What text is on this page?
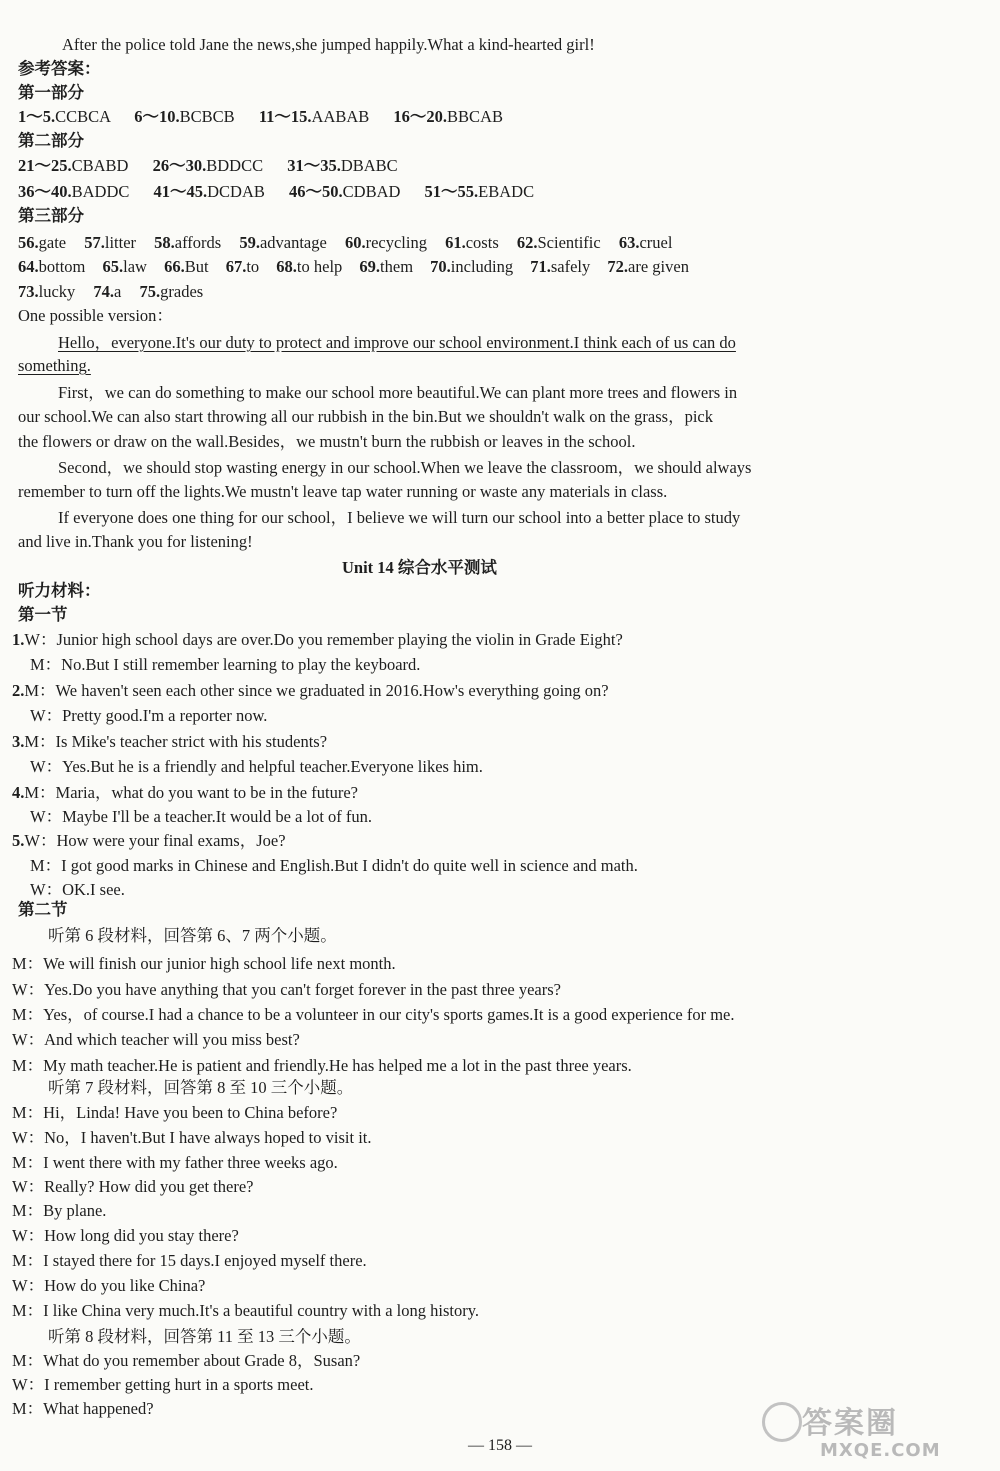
After the police told Jane the news,she jumped happily.What a kind-hearted girl!
参考答案：
第一部分
1～5.CCBCA 6～10.BCBCB 11～15.AABAB 16～20.BBCAB
第二部分
21～25.CBABD 26～30.BDDCC 31～35.DBABC
36～40.BADDC 41～45.DCDAB 46～50.CDBAD 51～55.EBADC
第三部分
56.gate 57.litter 58.affords 59.advantage 60.recycling 61.costs 62.Scientific 63.cruel
64.bottom 65.law 66.But 67.to 68.to help 69.them 70.including 71.safely 72.are given
73.lucky 74.a 75.grades
One possible version：
Hello，everyone.It's our duty to protect and improve our school environment.I think each of us can do
something.
First，we can do something to make our school more beautiful.We can plant more trees and flowers in
our school.We can also start throwing all our rubbish in the bin.But we shouldn't walk on the grass，pick
the flowers or draw on the wall.Besides，we mustn't burn the rubbish or leaves in the school.
Second，we should stop wasting energy in our school.When we leave the classroom，we should always
remember to turn off the lights.We mustn't leave tap water running or waste any materials in class.
If everyone does one thing for our school，I believe we will turn our school into a better place to study
and live in.Thank you for listening!
Unit 14 综合水平测试
听力材料：
第一节
1.W：Junior high school days are over.Do you remember playing the violin in Grade Eight?
M：No.But I still remember learning to play the keyboard.
2.M：We haven't seen each other since we graduated in 2016.How's everything going on?
W：Pretty good.I'm a reporter now.
3.M：Is Mike's teacher strict with his students?
W：Yes.But he is a friendly and helpful teacher.Everyone likes him.
4.M：Maria，what do you want to be in the future?
W：Maybe I'll be a teacher.It would be a lot of fun.
5.W：How were your final exams，Joe?
M：I got good marks in Chinese and English.But I didn't do quite well in science and math.
W：OK.I see.
第二节
听第 6 段材料，回答第 6、7 两个小题。
M：We will finish our junior high school life next month.
W：Yes.Do you have anything that you can't forget forever in the past three years?
M：Yes，of course.I had a chance to be a volunteer in our city's sports games.It is a good experience for me.
W：And which teacher will you miss best?
M：My math teacher.He is patient and friendly.He has helped me a lot in the past three years.
听第 7 段材料，回答第 8 至 10 三个小题。
M：Hi，Linda! Have you been to China before?
W：No，I haven't.But I have always hoped to visit it.
M：I went there with my father three weeks ago.
W：Really? How did you get there?
M：By plane.
W：How long did you stay there?
M：I stayed there for 15 days.I enjoyed myself there.
W：How do you like China?
M：I like China very much.It's a beautiful country with a long history.
听第 8 段材料，回答第 11 至 13 三个小题。
M：What do you remember about Grade 8，Susan?
W：I remember getting hurt in a sports meet.
M：What happened?
— 158 —
答案圈
MXQE.COM
